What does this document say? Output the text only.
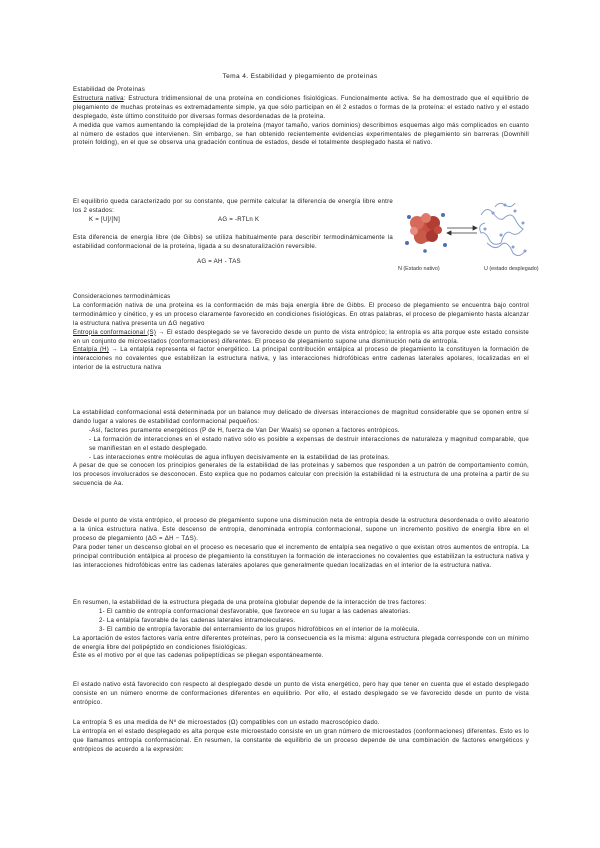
Tema 4. Estabilidad y plegamiento de proteínas

Estabilidad de Proteínas

Estructura nativa: Estructura tridimensional de una proteína en condiciones fisiológicas. Funcionalmente activa. Se ha demostrado que el equilibrio de plegamiento de muchas proteínas es extremadamente simple, ya que sólo participan en él 2 estados o formas de la proteína: el estado nativo y el estado desplegado, éste último constituido por diversas formas desordenadas de la proteína.

A medida que vamos aumentando la complejidad de la proteína (mayor tamaño, varios dominios) describimos esquemas algo más complicados en cuanto al número de estados que intervienen. Sin embargo, se han obtenido recientemente evidencias experimentales de plegamiento sin barreras (Downhill protein folding), en el que se observa una gradación continua de estados, desde el totalmente desplegado hasta el nativo.

El equilibrio queda caracterizado por su constante, que permite calcular la diferencia de energía libre entre los 2 estados:

K = [U]/[N]	AG = -RTLn K

Esta diferencia de energía libre (de Gibbs) se utiliza habitualmente para describir termodinámicamente la estabilidad conformacional de la proteína, ligada a su desnaturalización reversible.

AG = AH - TAS
N (Estado nativo)	U (estado desplegado)

Consideraciones termodinámicas

La conformación nativa de una proteína es la conformación de más baja energía libre de Gibbs. El proceso de plegamiento se encuentra bajo control termodinámico y cinético, y es un proceso claramente favorecido en condiciones fisiológicas. En otras palabras, el proceso de plegamiento hasta alcanzar la estructura nativa presenta un ΔG negativo

Entropía conformacional (S) → El estado desplegado se ve favorecido desde un punto de vista entrópico; la entropía es alta porque este estado consiste en un conjunto de microestados (conformaciones) diferentes. El proceso de plegamiento supone una disminución neta de entropía.

Entalpía (H) → La entalpía representa el factor energético. La principal contribución entálpica al proceso de plegamiento la constituyen la formación de interacciones no covalentes que estabilizan la estructura nativa, y las interacciones hidrofóbicas entre cadenas laterales apolares, localizadas en el interior de la estructura nativa

La estabilidad conformacional está determinada por un balance muy delicado de diversas interacciones de magnitud considerable que se oponen entre sí dando lugar a valores de estabilidad conformacional pequeños:

-Así, factores puramente energéticos (P de H, fuerza de Van Der Waals) se oponen a factores entrópicos.

- La formación de interacciones en el estado nativo sólo es posible a expensas de destruir interacciones de naturaleza y magnitud comparable, que se manifiestan en el estado desplegado.

- Las interacciones entre moléculas de agua influyen decisivamente en la estabilidad de las proteínas.

A pesar de que se conocen los principios generales de la estabilidad de las proteínas y sabemos que responden a un patrón de comportamiento común, los procesos involucrados se desconocen. Esto explica que no podamos calcular con precisión la estabilidad ni la estructura de una proteína a partir de su secuencia de Aa.

Desde el punto de vista entrópico, el proceso de plegamiento supone una disminución neta de entropía desde la estructura desordenada o ovillo aleatorio a la única estructura nativa. Este descenso de entropía, denominada entropía conformacional, supone un incremento positivo de energía libre en el proceso de plegamiento (ΔG = ΔH − TΔS).

Para poder tener un descenso global en el proceso es necesario que el incremento de entalpía sea negativo o que existan otros aumentos de entropía. La principal contribución entálpica al proceso de plegamiento la constituyen la formación de interacciones no covalentes que estabilizan la estructura nativa y las interacciones hidrofóbicas entre las cadenas laterales apolares que generalmente quedan localizadas en el interior de la estructura nativa.

En resumen, la estabilidad de la estructura plegada de una proteína globular depende de la interacción de tres factores:

1- El cambio de entropía conformacional desfavorable, que favorece en su lugar a las cadenas aleatorias.

2- La entalpía favorable de las cadenas laterales intramoleculares.

3- El cambio de entropía favorable del enterramiento de los grupos hidrofóbicos en el interior de la molécula.

La aportación de estos factores varía entre diferentes proteínas, pero la consecuencia es la misma: alguna estructura plegada corresponde con un mínimo de energía libre del polipéptido en condiciones fisiológicas.

Éste es el motivo por el que las cadenas polipeptídicas se pliegan espontáneamente.

El estado nativo está favorecido con respecto al desplegado desde un punto de vista energético, pero hay que tener en cuenta que el estado desplegado consiste en un número enorme de conformaciones diferentes en equilibrio. Por ello, el estado desplegado se ve favorecido desde un punto de vista entrópico.

La entropía S es una medida de Nº de microestados (Ω) compatibles con un estado macroscópico dado.

La entropía en el estado desplegado es alta porque este microestado consiste en un gran número de microestados (conformaciones) diferentes. Esto es lo que llamamos entropía conformacional. En resumen, la constante de equilibrio de un proceso depende de una combinación de factores energéticos y entrópicos de acuerdo a la expresión:
